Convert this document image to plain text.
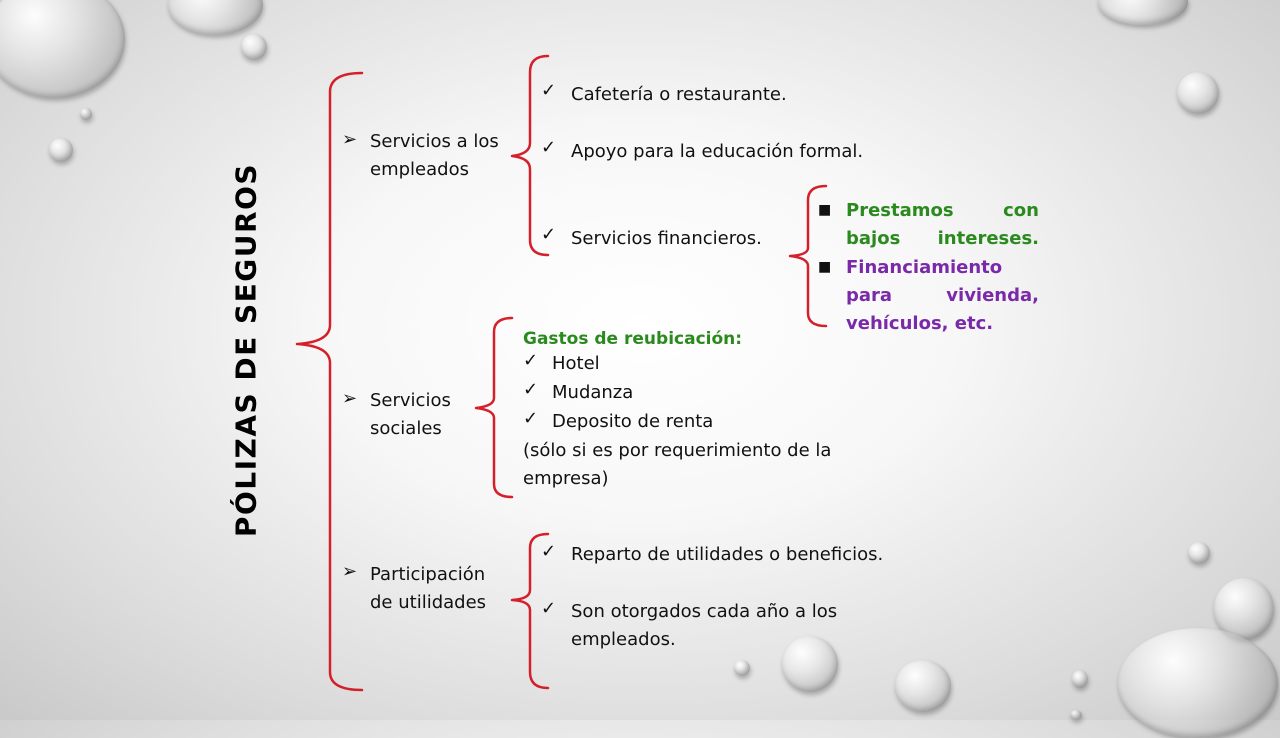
PÓLIZAS DE SEGUROS
➢ Servicios a los empleados
✓ Cafetería o restaurante.
✓ Apoyo para la educación formal.
✓ Servicios financieros.
■ Prestamos con bajos intereses.
■ Financiamiento para vivienda, vehículos, etc.
➢ Servicios sociales
Gastos de reubicación:
✓ Hotel
✓ Mudanza
✓ Deposito de renta
(sólo si es por requerimiento de la empresa)
➢ Participación de utilidades
✓ Reparto de utilidades o beneficios.
✓ Son otorgados cada año a los empleados.
